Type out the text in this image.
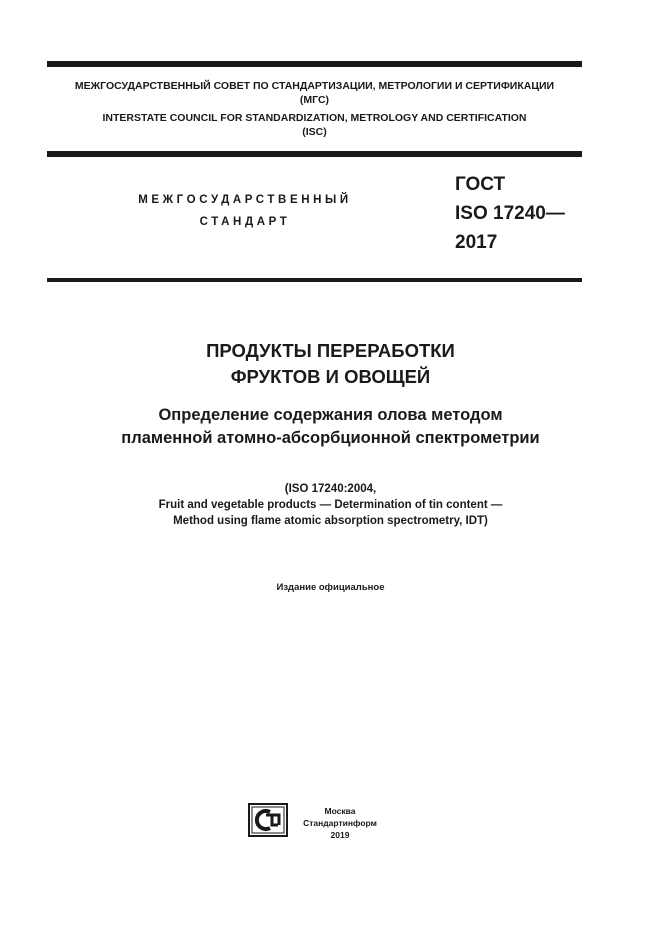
МЕЖГОСУДАРСТВЕННЫЙ СОВЕТ ПО СТАНДАРТИЗАЦИИ, МЕТРОЛОГИИ И СЕРТИФИКАЦИИ
(МГС)
INTERSTATE COUNCIL FOR STANDARDIZATION, METROLOGY AND CERTIFICATION
(ISC)
МЕЖГОСУДАРСТВЕННЫЙ
СТАНДАРТ
ГОСТ
ISO 17240—
2017
ПРОДУКТЫ ПЕРЕРАБОТКИ
ФРУКТОВ И ОВОЩЕЙ
Определение содержания олова методом
пламенной атомно-абсорбционной спектрометрии
(ISO 17240:2004,
Fruit and vegetable products — Determination of tin content —
Method using flame atomic absorption spectrometry, IDT)
Издание официальное
Москва
Стандартинформ
2019
